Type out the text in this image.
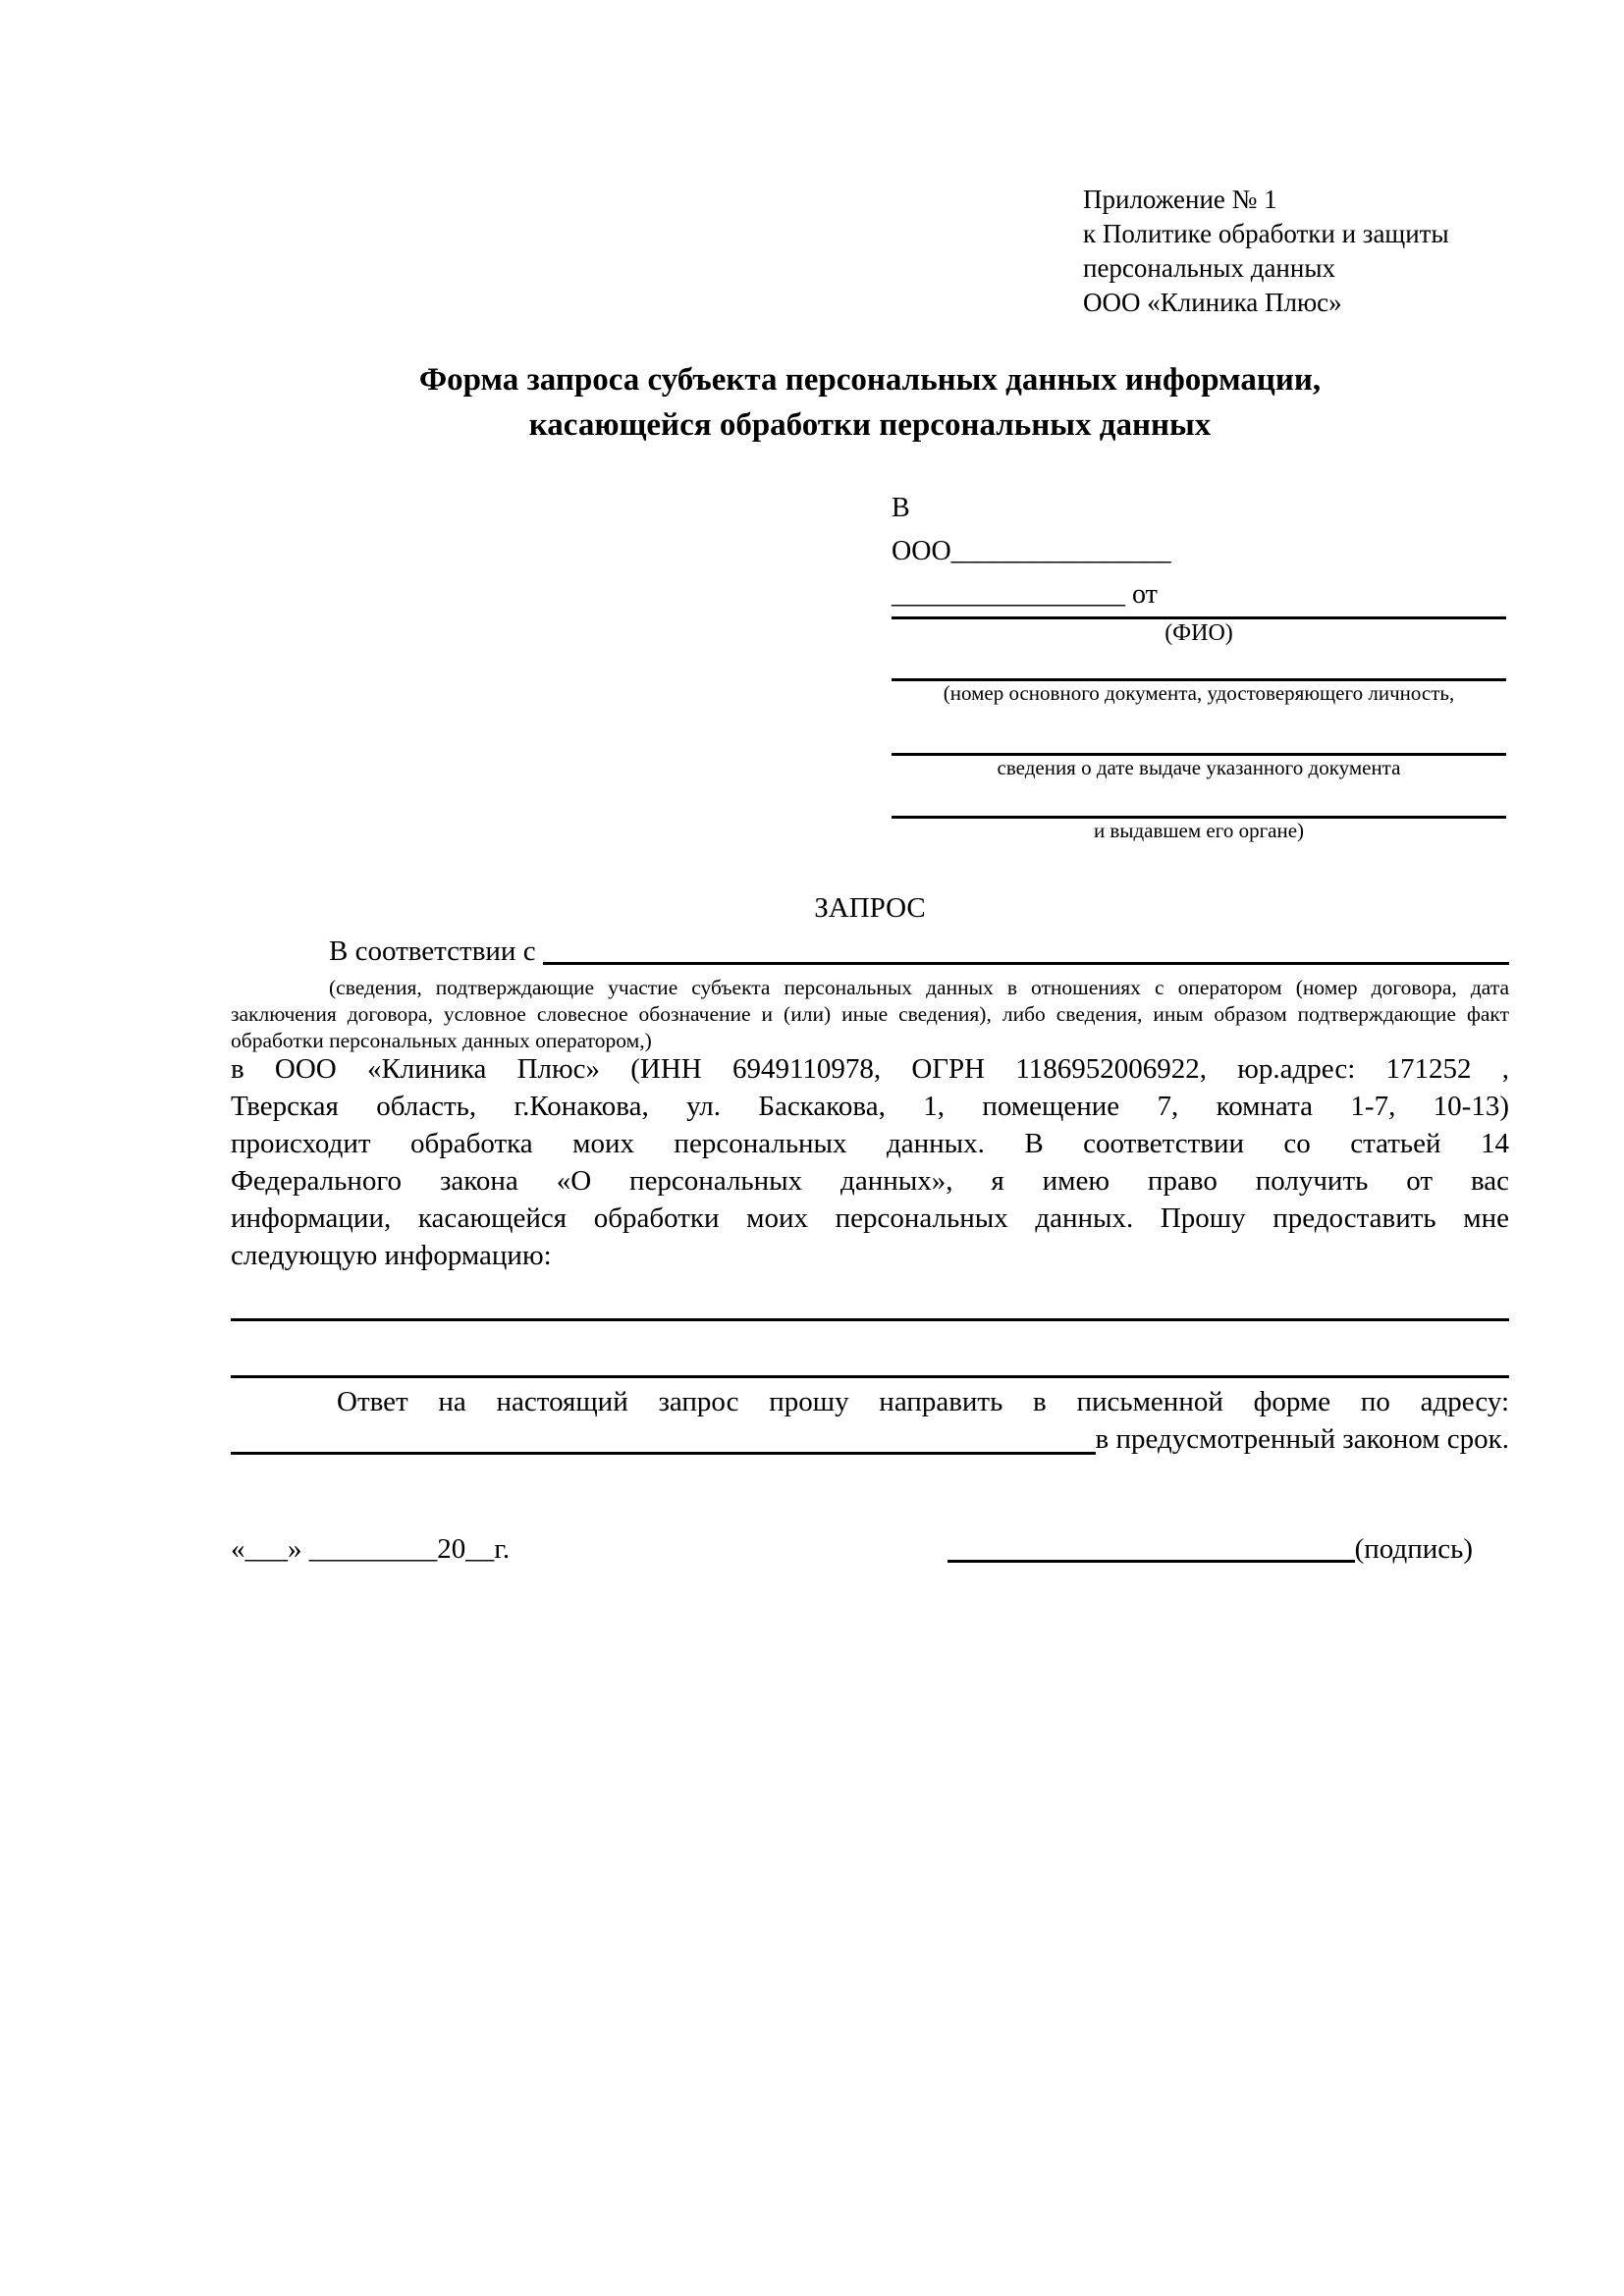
Приложение № 1
к Политике обработки и защиты
персональных данных
ООО «Клиника Плюс»
Форма запроса субъекта персональных данных информации,
касающейся обработки персональных данных
В
ООО________________
_________________ от
(ФИО)
(номер основного документа, удостоверяющего личность,
сведения о дате выдаче указанного документа
и выдавшем его органе)
ЗАПРОС
В соответствии с
(сведения, подтверждающие участие субъекта персональных данных в отношениях с оператором (номер договора, дата
заключения договора, условное словесное обозначение и (или) иные сведения), либо сведения, иным образом подтверждающие факт
обработки персональных данных оператором,)
в ООО «Клиника Плюс» (ИНН 6949110978, ОГРН 1186952006922, юр.адрес: 171252 ,
Тверская область, г.Конакова, ул. Баскакова, 1, помещение 7, комната 1-7, 10-13)
происходит обработка моих персональных данных. В соответствии со статьей 14
Федерального закона «О персональных данных», я имею право получить от вас
информации, касающейся обработки моих персональных данных. Прошу предоставить мне
следующую информацию:
Ответ на настоящий запрос прошу направить в письменной форме по адресу:
в предусмотренный законом срок.
«___» _________20__г.	(подпись)
